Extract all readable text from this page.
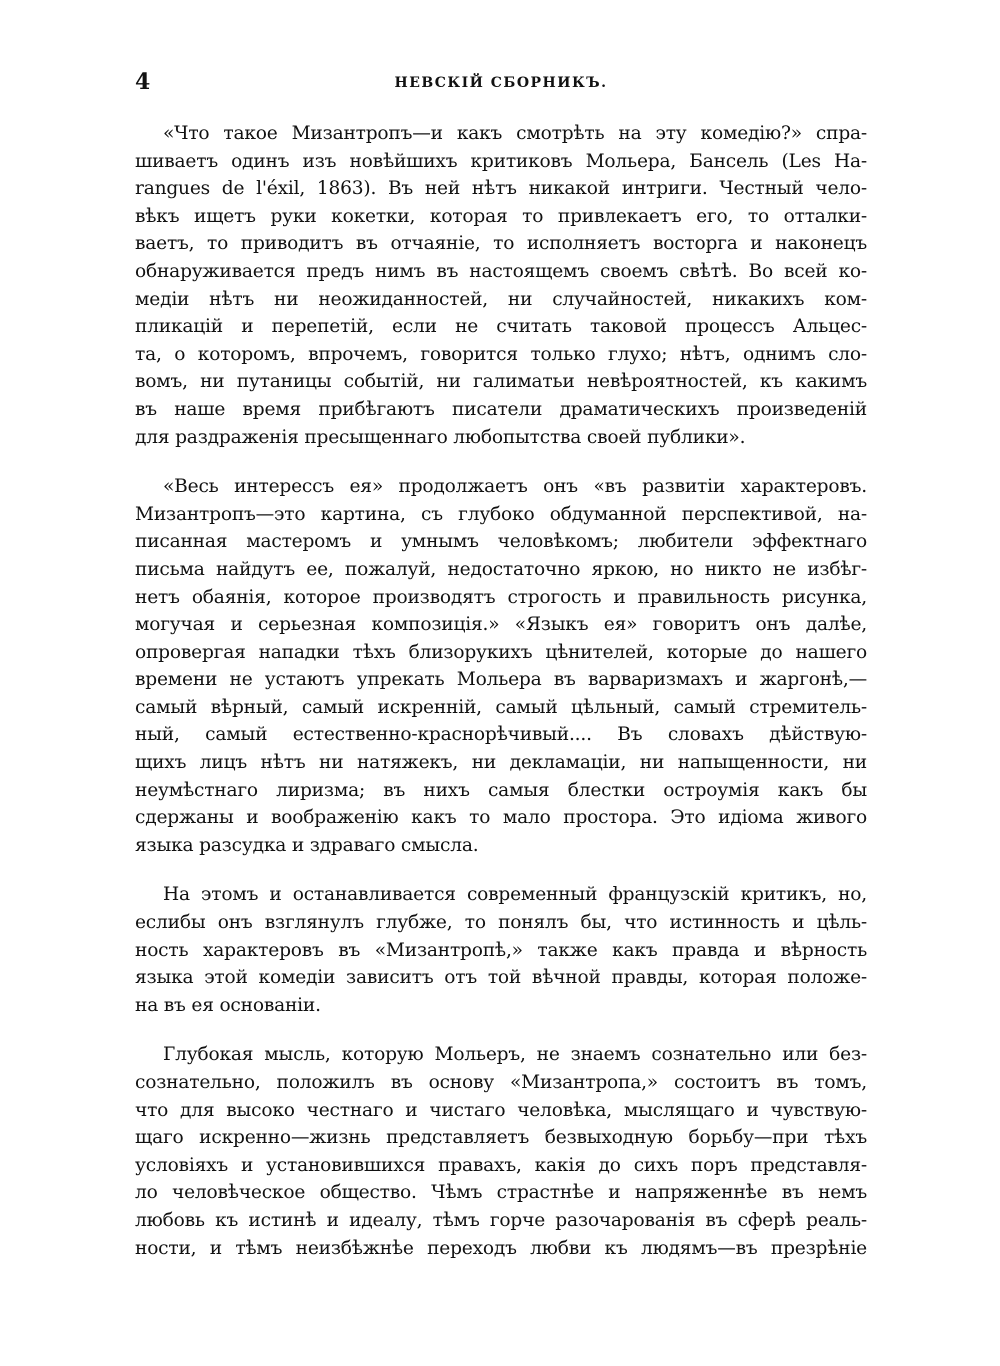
4	НЕВСКІЙ СБОРНИКЪ.
«Что такое Мизантропъ—и какъ смотрѣть на эту комедію?» спра-
шиваетъ одинъ изъ новѣйшихъ критиковъ Мольера, Бансель (Les Ha-
rangues de l'éxil, 1863). Въ ней нѣтъ никакой интриги. Честный чело-
вѣкъ ищетъ руки кокетки, которая то привлекаетъ его, то отталки-
ваетъ, то приводитъ въ отчаяніе, то исполняетъ восторга и наконецъ
обнаруживается предъ нимъ въ настоящемъ своемъ свѣтѣ. Во всей ко-
медіи нѣтъ ни неожиданностей, ни случайностей, никакихъ ком-
пликацій и перепетій, если не считать таковой процессъ Альцес-
та, о которомъ, впрочемъ, говорится только глухо; нѣтъ, однимъ сло-
вомъ, ни путаницы событій, ни галиматьи невѣроятностей, къ какимъ
въ наше время прибѣгаютъ писатели драматическихъ произведеній
для раздраженія пресыщеннаго любопытства своей публики».
«Весь интерессъ ея» продолжаетъ онъ «въ развитіи характеровъ.
Мизантропъ—это картина, съ глубоко обдуманной перспективой, на-
писанная мастеромъ и умнымъ человѣкомъ; любители эффектнаго
письма найдутъ ее, пожалуй, недостаточно яркою, но никто не избѣг-
нетъ обаянія, которое производятъ строгость и правильность рисунка,
могучая и серьезная композиція.» «Языкъ ея» говоритъ онъ далѣе,
опровергая нападки тѣхъ близорукихъ цѣнителей, которые до нашего
времени не устаютъ упрекать Мольера въ варваризмахъ и жаргонѣ,—
самый вѣрный, самый искренній, самый цѣльный, самый стремитель-
ный, самый естественно-краснорѣчивый.... Въ словахъ дѣйствую-
щихъ лицъ нѣтъ ни натяжекъ, ни декламаціи, ни напыщенности, ни
неумѣстнаго лиризма; въ нихъ самыя блестки остроумія какъ бы
сдержаны и воображенію какъ то мало простора. Это идіома живого
языка разсудка и здраваго смысла.
На этомъ и останавливается современный французскій критикъ, но,
еслибы онъ взглянулъ глубже, то понялъ бы, что истинность и цѣль-
ность характеровъ въ «Мизантропѣ,» также какъ правда и вѣрность
языка этой комедіи зависитъ отъ той вѣчной правды, которая положе-
на въ ея основаніи.
Глубокая мысль, которую Мольеръ, не знаемъ сознательно или без-
сознательно, положилъ въ основу «Мизантропа,» состоитъ въ томъ,
что для высоко честнаго и чистаго человѣка, мыслящаго и чувствую-
щаго искренно—жизнь представляетъ безвыходную борьбу—при тѣхъ
условіяхъ и установившихся правахъ, какія до сихъ поръ представля-
ло человѣческое общество. Чѣмъ страстнѣе и напряженнѣе въ немъ
любовь къ истинѣ и идеалу, тѣмъ горче разочарованія въ сферѣ реаль-
ности, и тѣмъ неизбѣжнѣе переходъ любви къ людямъ—въ презрѣніе
